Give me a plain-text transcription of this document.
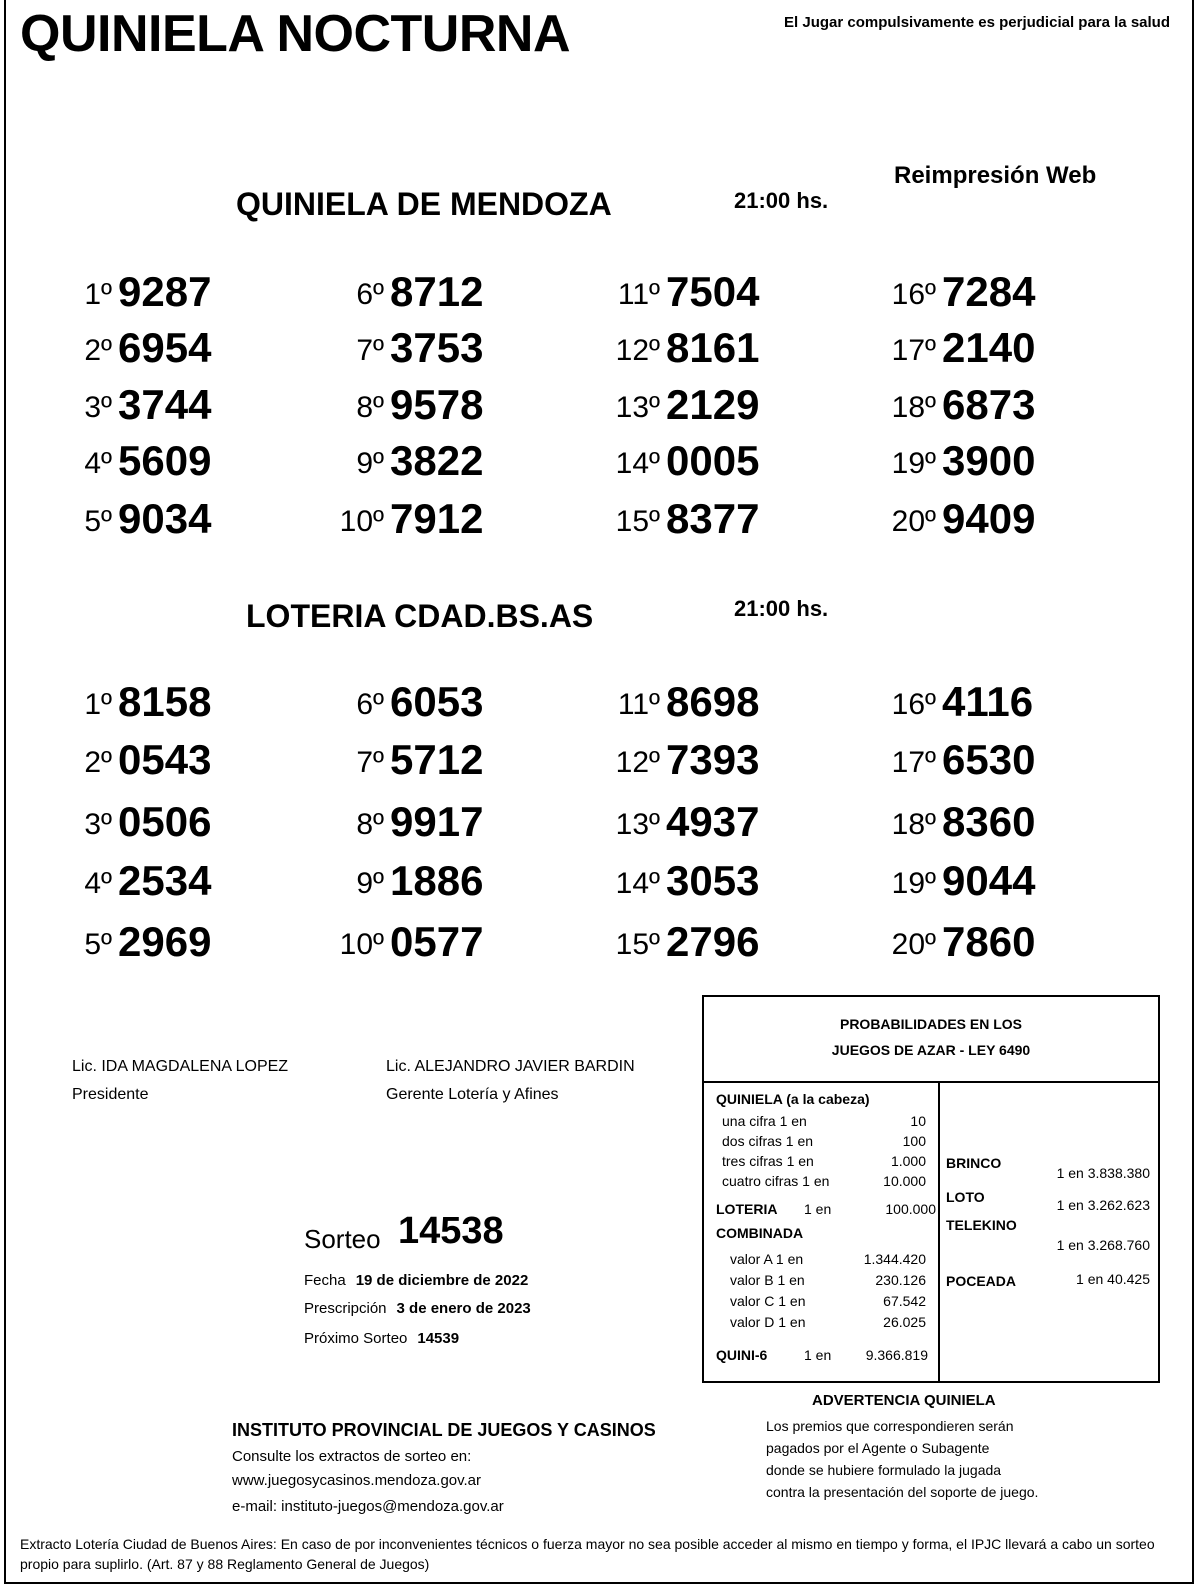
QUINIELA NOCTURNA	El Jugar compulsivamente es perjudicial para la salud
Reimpresión Web
QUINIELA DE MENDOZA	21:00 hs.
1º 9287
2º 6954
3º 3744
4º 5609
5º 9034
6º 8712
7º 3753
8º 9578
9º 3822
10º 7912
11º 7504
12º 8161
13º 2129
14º 0005
15º 8377
16º 7284
17º 2140
18º 6873
19º 3900
20º 9409
LOTERIA CDAD.BS.AS	21:00 hs.
1º 8158
2º 0543
3º 0506
4º 2534
5º 2969
6º 6053
7º 5712
8º 9917
9º 1886
10º 0577
11º 8698
12º 7393
13º 4937
14º 3053
15º 2796
16º 4116
17º 6530
18º 8360
19º 9044
20º 7860
Lic. IDA MAGDALENA LOPEZ
Presidente
Lic. ALEJANDRO JAVIER BARDIN
Gerente Lotería y Afines
Sorteo 14538
Fecha 19 de diciembre de 2022
Prescripción 3 de enero de 2023
Próximo Sorteo 14539
PROBABILIDADES EN LOS
JUEGOS DE AZAR - LEY 6490
QUINIELA (a la cabeza)
LOTERIA 1 en	100.000
COMBINADA
QUINI-6	1 en	9.366.819
BRINCO
1 en 3.838.380
LOTO	1 en 3.262.623
TELEKINO
1 en 3.268.760
POCEADA	1 en 40.425
una cifra 1 en	10
dos cifras 1 en	100
tres cifras 1 en	1.000
cuatro cifras 1 en	10.000
valor A 1 en	1.344.420
valor B 1 en	230.126
valor C 1 en	67.542
valor D 1 en	26.025
ADVERTENCIA QUINIELA
Los premios que correspondieren serán
pagados por el Agente o Subagente
donde se hubiere formulado la jugada
contra la presentación del soporte de juego.
INSTITUTO PROVINCIAL DE JUEGOS Y CASINOS
Consulte los extractos de sorteo en:
www.juegosycasinos.mendoza.gov.ar
e-mail: instituto-juegos@mendoza.gov.ar
Extracto Lotería Ciudad de Buenos Aires: En caso de por inconvenientes técnicos o fuerza mayor no sea posible acceder al mismo en tiempo y forma, el IPJC llevará a cabo un sorteo propio para suplirlo. (Art. 87 y 88 Reglamento General de Juegos)
